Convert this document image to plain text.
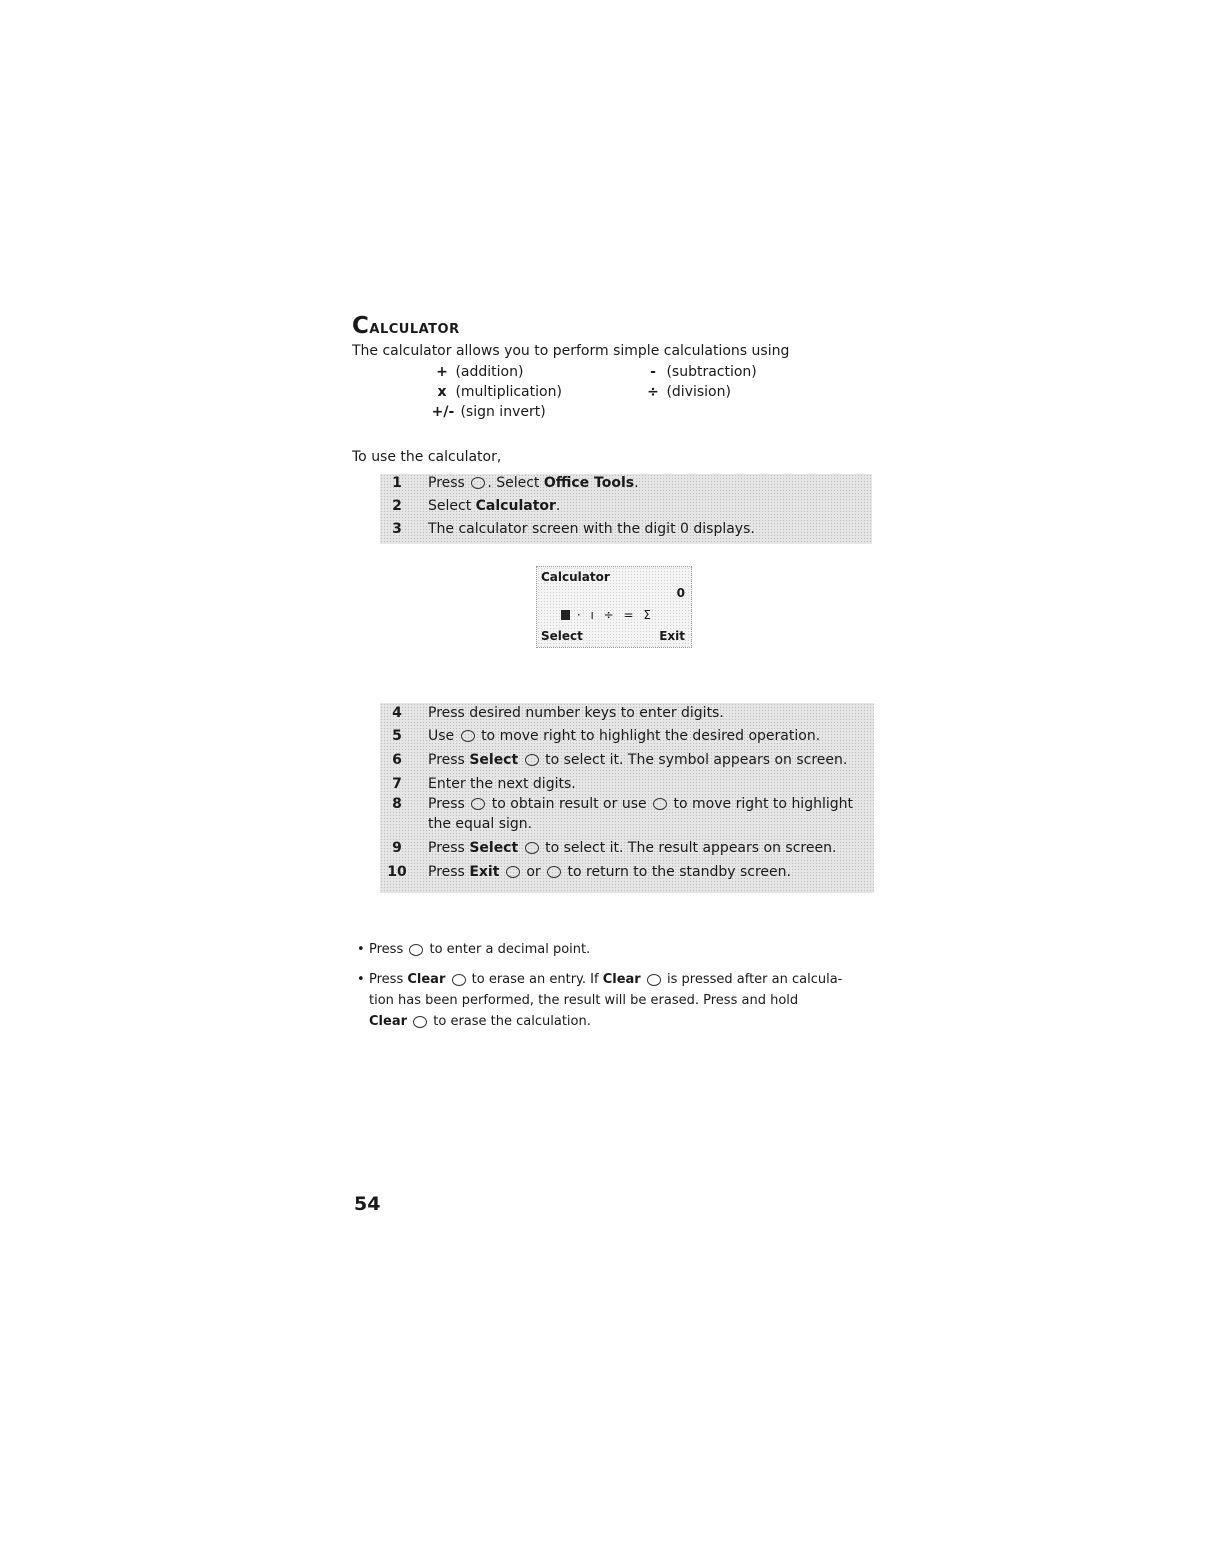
Calculator
The calculator allows you to perform simple calculations using
+ (addition)	- (subtraction)
x (multiplication)	÷ (division)
+/- (sign invert)
To use the calculator,
1	Press . Select Office Tools.
2	Select Calculator.
3	The calculator screen with the digit 0 displays.
Calculator
0
· ı ÷ = Σ
Select	Exit
4	Press desired number keys to enter digits.
5	Use to move right to highlight the desired operation.
6	Press Select to select it. The symbol appears on screen.
7	Enter the next digits.
8	Press to obtain result or use to move right to highlight
the equal sign.
9	Press Select to select it. The result appears on screen.
10	Press Exit or to return to the standby screen.
• Press to enter a decimal point.
• Press Clear to erase an entry. If Clear is pressed after an calcula-
tion has been performed, the result will be erased. Press and hold
Clear to erase the calculation.
54
